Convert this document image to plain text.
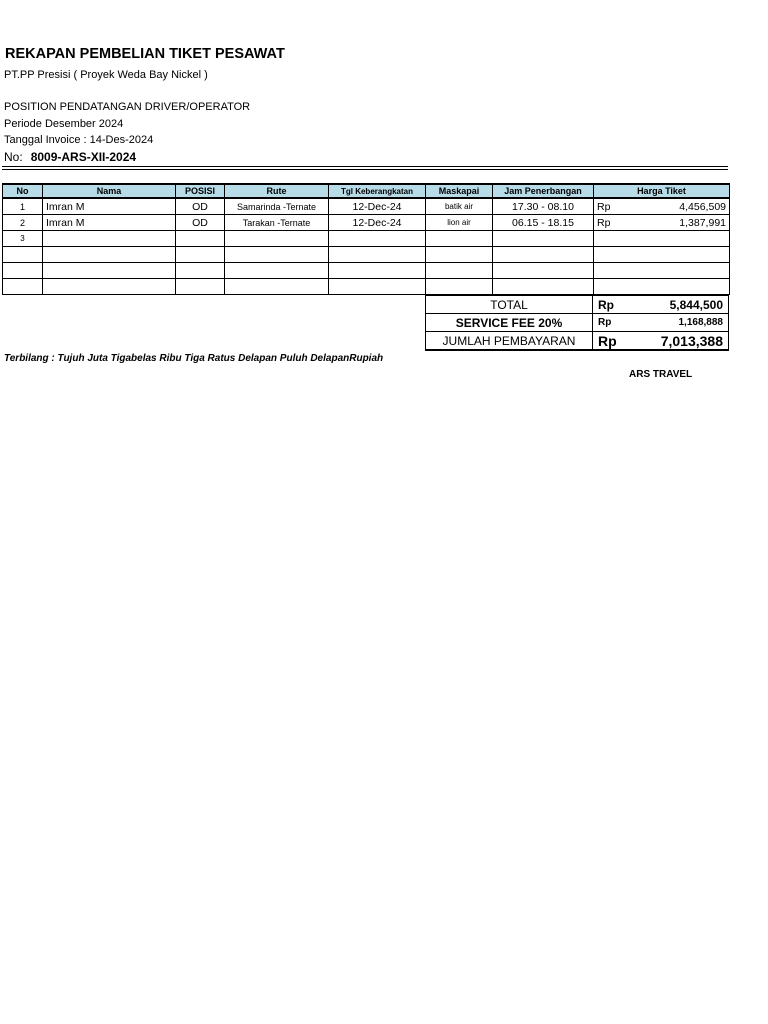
REKAPAN PEMBELIAN TIKET PESAWAT
PT.PP Presisi ( Proyek Weda Bay Nickel )
POSITION PENDATANGAN DRIVER/OPERATOR
Periode Desember 2024
Tanggal Invoice : 14-Des-2024
No: 8009-ARS-XII-2024
No	Nama	POSISI	Rute	Tgl Keberangkatan	Maskapai	Jam Penerbangan	Harga Tiket
1	Imran M	OD	Samarinda -Ternate	12-Dec-24	batik air	17.30 - 08.10	Rp 4,456,509

2	Imran M	OD	Tarakan -Ternate	12-Dec-24	lion air	06.15 - 18.15	Rp 1,387,991

3							

TOTAL	Rp 5,844,500

SERVICE FEE 20%	Rp 1,168,888

JUMLAH PEMBAYARAN	Rp 7,013,388
Terbilang : Tujuh Juta Tigabelas Ribu Tiga Ratus Delapan Puluh DelapanRupiah
ARS TRAVEL
